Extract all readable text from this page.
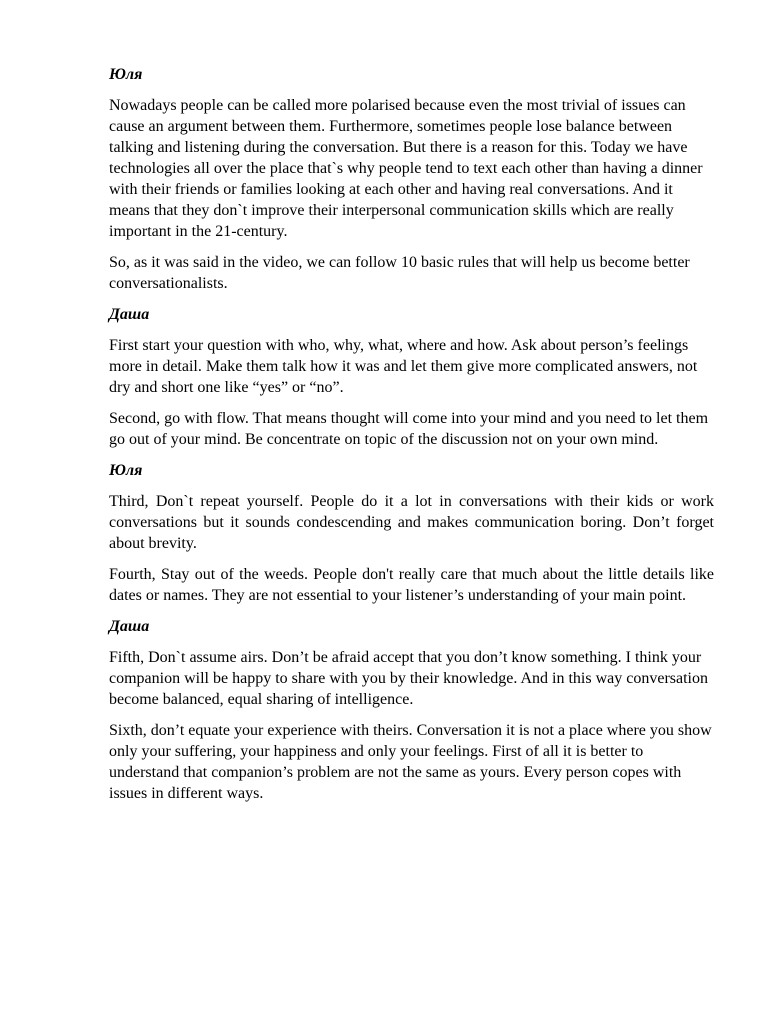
Юля

Nowadays people can be called more polarised because even the most trivial of issues can cause an argument between them. Furthermore, sometimes people lose balance between talking and listening during the conversation. But there is a reason for this. Today we have technologies all over the place that`s why people tend to text each other than having a dinner with their friends or families looking at each other and having real conversations. And it means that they don`t improve their interpersonal communication skills which are really important in the 21-century.

So, as it was said in the video, we can follow 10 basic rules that will help us become better conversationalists.

Даша

First start your question with who, why, what, where and how. Ask about person’s feelings more in detail. Make them talk how it was and let them give more complicated answers, not dry and short one like “yes” or “no”.

Second, go with flow. That means thought will come into your mind and you need to let them go out of your mind. Be concentrate on topic of the discussion not on your own mind.

Юля

Third, Don`t repeat yourself. People do it a lot in conversations with their kids or work conversations but it sounds condescending and makes communication boring. Don’t forget about brevity.

Fourth, Stay out of the weeds. People don't really care that much about the little details like dates or names. They are not essential to your listener’s understanding of your main point.

Даша

Fifth, Don`t assume airs. Don’t be afraid accept that you don’t know something. I think your companion will be happy to share with you by their knowledge. And in this way conversation become balanced, equal sharing of intelligence.

Sixth, don’t equate your experience with theirs. Conversation it is not a place where you show only your suffering, your happiness and only your feelings. First of all it is better to understand that companion’s problem are not the same as yours. Every person copes with issues in different ways.
